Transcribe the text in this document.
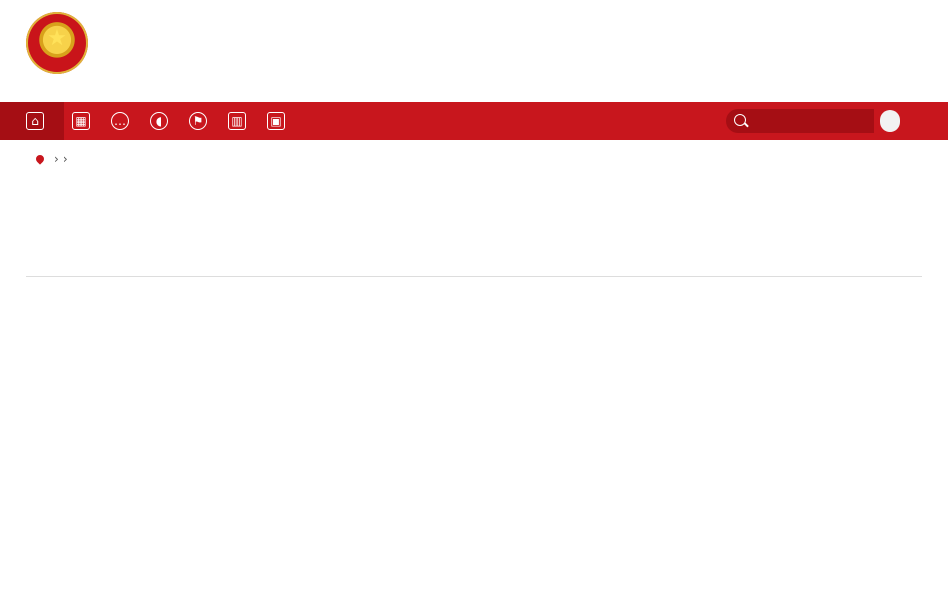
★
⌂	▦ …	◖	⚑	▥ ▣
› ›
